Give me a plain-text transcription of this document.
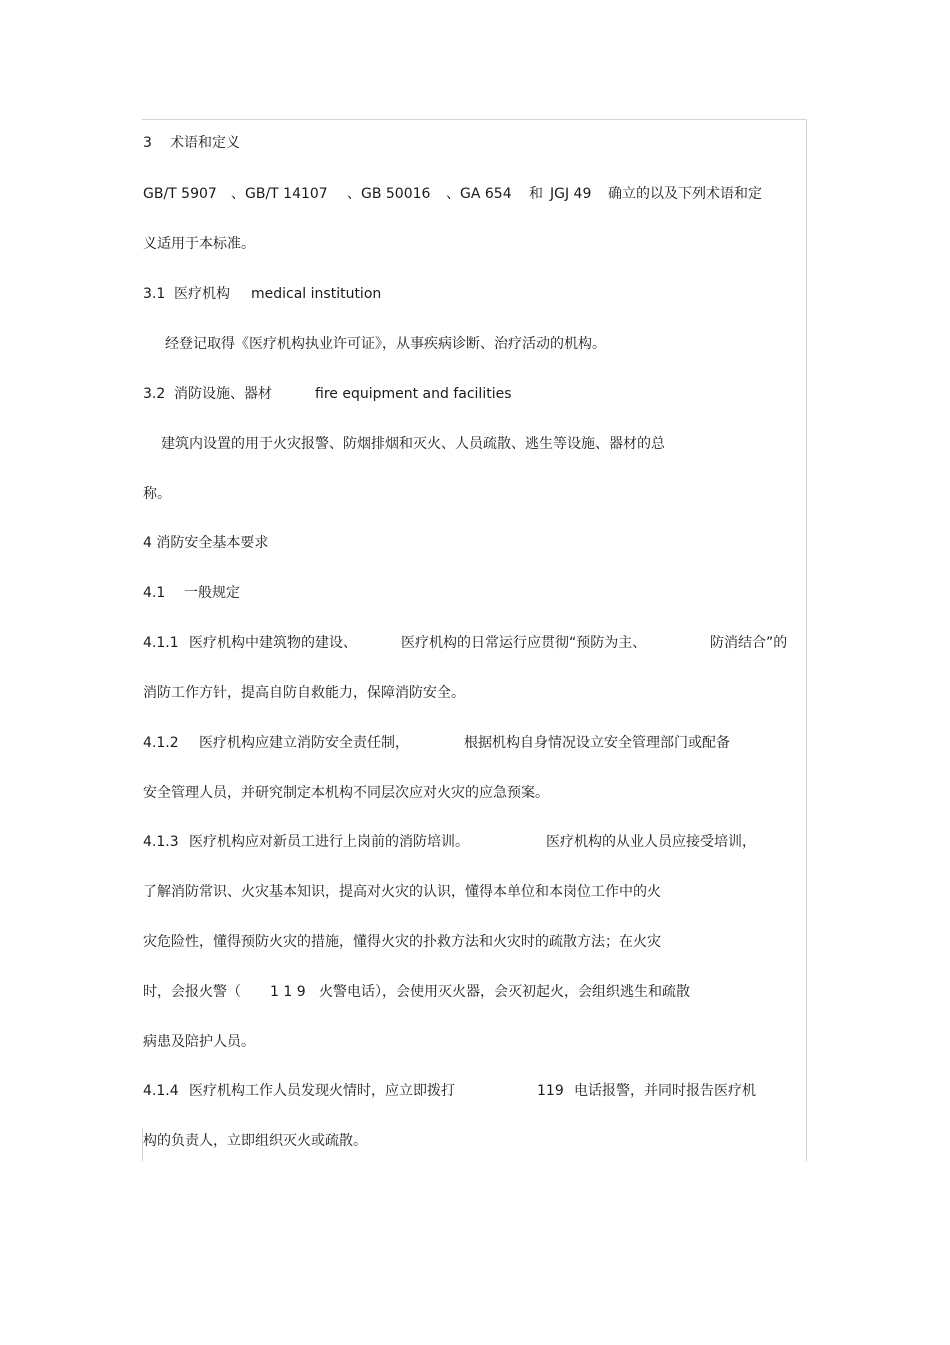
3 术语和定义
GB/T 5907 、GB/T 14107 、GB 50016 、GA 654 和 JGJ 49 确立的以及下列术语和定
义适用于本标准。
3.1 医疗机构 medical institution
经登记取得《医疗机构执业许可证》，从事疾病诊断、治疗活动的机构。
3.2 消防设施、器材	fire equipment and facilities
建筑内设置的用于火灾报警、防烟排烟和灭火、人员疏散、逃生等设施、器材的总
称。
4 消防安全基本要求
4.1 一般规定
4.1.1 医疗机构中建筑物的建设、	医疗机构的日常运行应贯彻“预防为主、	防消结合”的
消防工作方针，提高自防自救能力，保障消防安全。
4.1.2 医疗机构应建立消防安全责任制，	根据机构自身情况设立安全管理部门或配备
安全管理人员，并研究制定本机构不同层次应对火灾的应急预案。
4.1.3 医疗机构应对新员工进行上岗前的消防培训。	医疗机构的从业人员应接受培训，
了解消防常识、火灾基本知识，提高对火灾的认识，懂得本单位和本岗位工作中的火
灾危险性，懂得预防火灾的措施，懂得火灾的扑救方法和火灾时的疏散方法；在火灾
时，会报火警（ 1 1 9 火警电话），会使用灭火器，会灭初起火，会组织逃生和疏散
病患及陪护人员。
4.1.4 医疗机构工作人员发现火情时，应立即拨打	119 电话报警，并同时报告医疗机
构的负责人，立即组织灭火或疏散。
